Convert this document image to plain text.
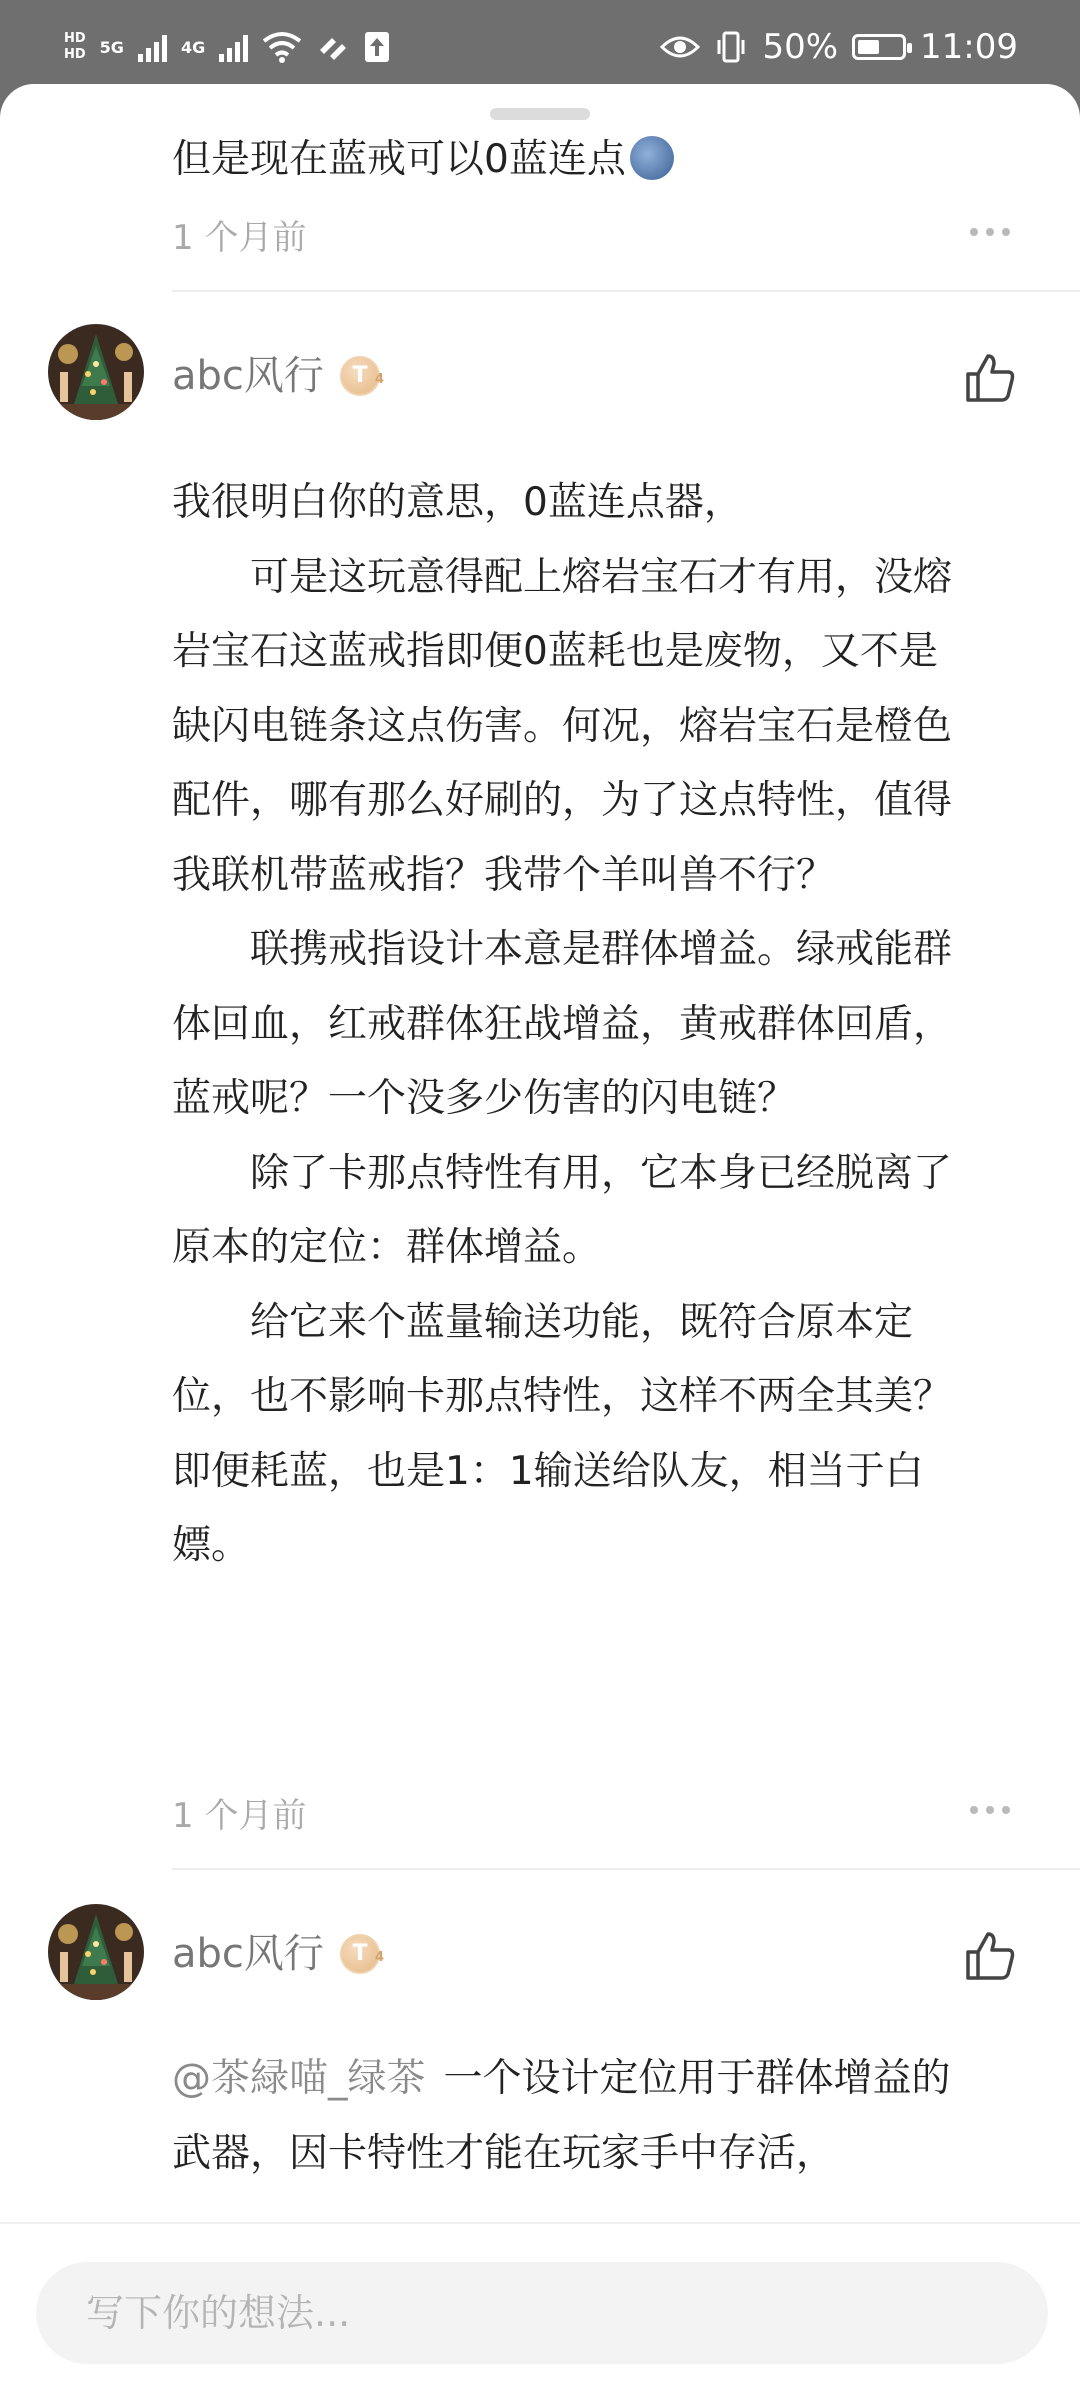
HD
HD 5G	4G	50% 11:09
但是现在蓝戒可以0蓝连点
1 个月前
abc风行	T 4
我很明白你的意思，0蓝连点器，
　　可是这玩意得配上熔岩宝石才有用，没熔
岩宝石这蓝戒指即便0蓝耗也是废物，又不是
缺闪电链条这点伤害。何况，熔岩宝石是橙色
配件，哪有那么好刷的，为了这点特性，值得
我联机带蓝戒指？我带个羊叫兽不行？
　　联携戒指设计本意是群体增益。绿戒能群
体回血，红戒群体狂战增益，黄戒群体回盾，
蓝戒呢？一个没多少伤害的闪电链？
　　除了卡那点特性有用，它本身已经脱离了
原本的定位：群体增益。
　　给它来个蓝量输送功能，既符合原本定
位，也不影响卡那点特性，这样不两全其美？
即便耗蓝，也是1：1输送给队友，相当于白
嫖。
1 个月前
abc风行	T 4
@茶緑喵_绿茶 一个设计定位用于群体增益的
武器，因卡特性才能在玩家手中存活，
写下你的想法...
